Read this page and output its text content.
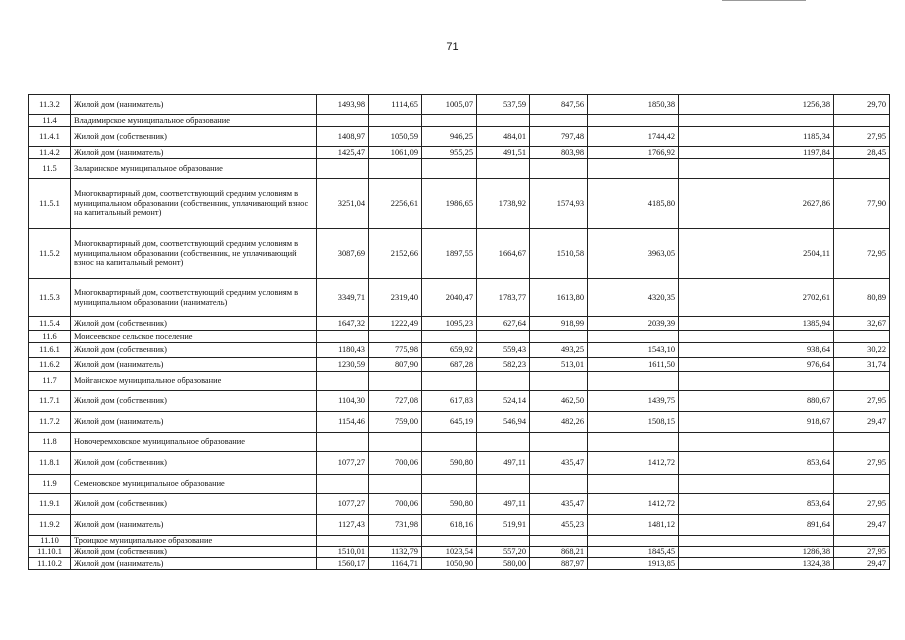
71
11.3.2	Жилой дом (наниматель)	1493,98	1114,65	1005,07	537,59	847,56	1850,38	1256,38	29,70
11.4	Владимирское муниципальное образование								
11.4.1	Жилой дом (собственник)	1408,97	1050,59	946,25	484,01	797,48	1744,42	1185,34	27,95
11.4.2	Жилой дом (наниматель)	1425,47	1061,09	955,25	491,51	803,98	1766,92	1197,84	28,45
11.5	Заларинское муниципальное образование								
11.5.1	Многоквартирный дом, соответствующий средним условиям в муниципальном образовании (собственник, уплачивающий взнос на капитальный ремонт)	3251,04	2256,61	1986,65	1738,92	1574,93	4185,80	2627,86	77,90
11.5.2	Многоквартирный дом, соответствующий средним условиям в муниципальном образовании (собственник, не уплачивающий взнос на капитальный ремонт)	3087,69	2152,66	1897,55	1664,67	1510,58	3963,05	2504,11	72,95
11.5.3	Многоквартирный дом, соответствующий средним условиям в муниципальном образовании (наниматель)	3349,71	2319,40	2040,47	1783,77	1613,80	4320,35	2702,61	80,89
11.5.4	Жилой дом (собственник)	1647,32	1222,49	1095,23	627,64	918,99	2039,39	1385,94	32,67
11.6	Моисеевское сельское поселение								
11.6.1	Жилой дом (собственник)	1180,43	775,98	659,92	559,43	493,25	1543,10	938,64	30,22
11.6.2	Жилой дом (наниматель)	1230,59	807,90	687,28	582,23	513,01	1611,50	976,64	31,74
11.7	Мойганское муниципальное образование								
11.7.1	Жилой дом (собственник)	1104,30	727,08	617,83	524,14	462,50	1439,75	880,67	27,95
11.7.2	Жилой дом (наниматель)	1154,46	759,00	645,19	546,94	482,26	1508,15	918,67	29,47
11.8	Новочеремховское муниципальное образование								
11.8.1	Жилой дом (собственник)	1077,27	700,06	590,80	497,11	435,47	1412,72	853,64	27,95
11.9	Семеновское муниципальное образование								
11.9.1	Жилой дом (собственник)	1077,27	700,06	590,80	497,11	435,47	1412,72	853,64	27,95
11.9.2	Жилой дом (наниматель)	1127,43	731,98	618,16	519,91	455,23	1481,12	891,64	29,47
11.10	Троицкое муниципальное образование								
11.10.1	Жилой дом (собственник)	1510,01	1132,79	1023,54	557,20	868,21	1845,45	1286,38	27,95
11.10.2	Жилой дом (наниматель)	1560,17	1164,71	1050,90	580,00	887,97	1913,85	1324,38	29,47
